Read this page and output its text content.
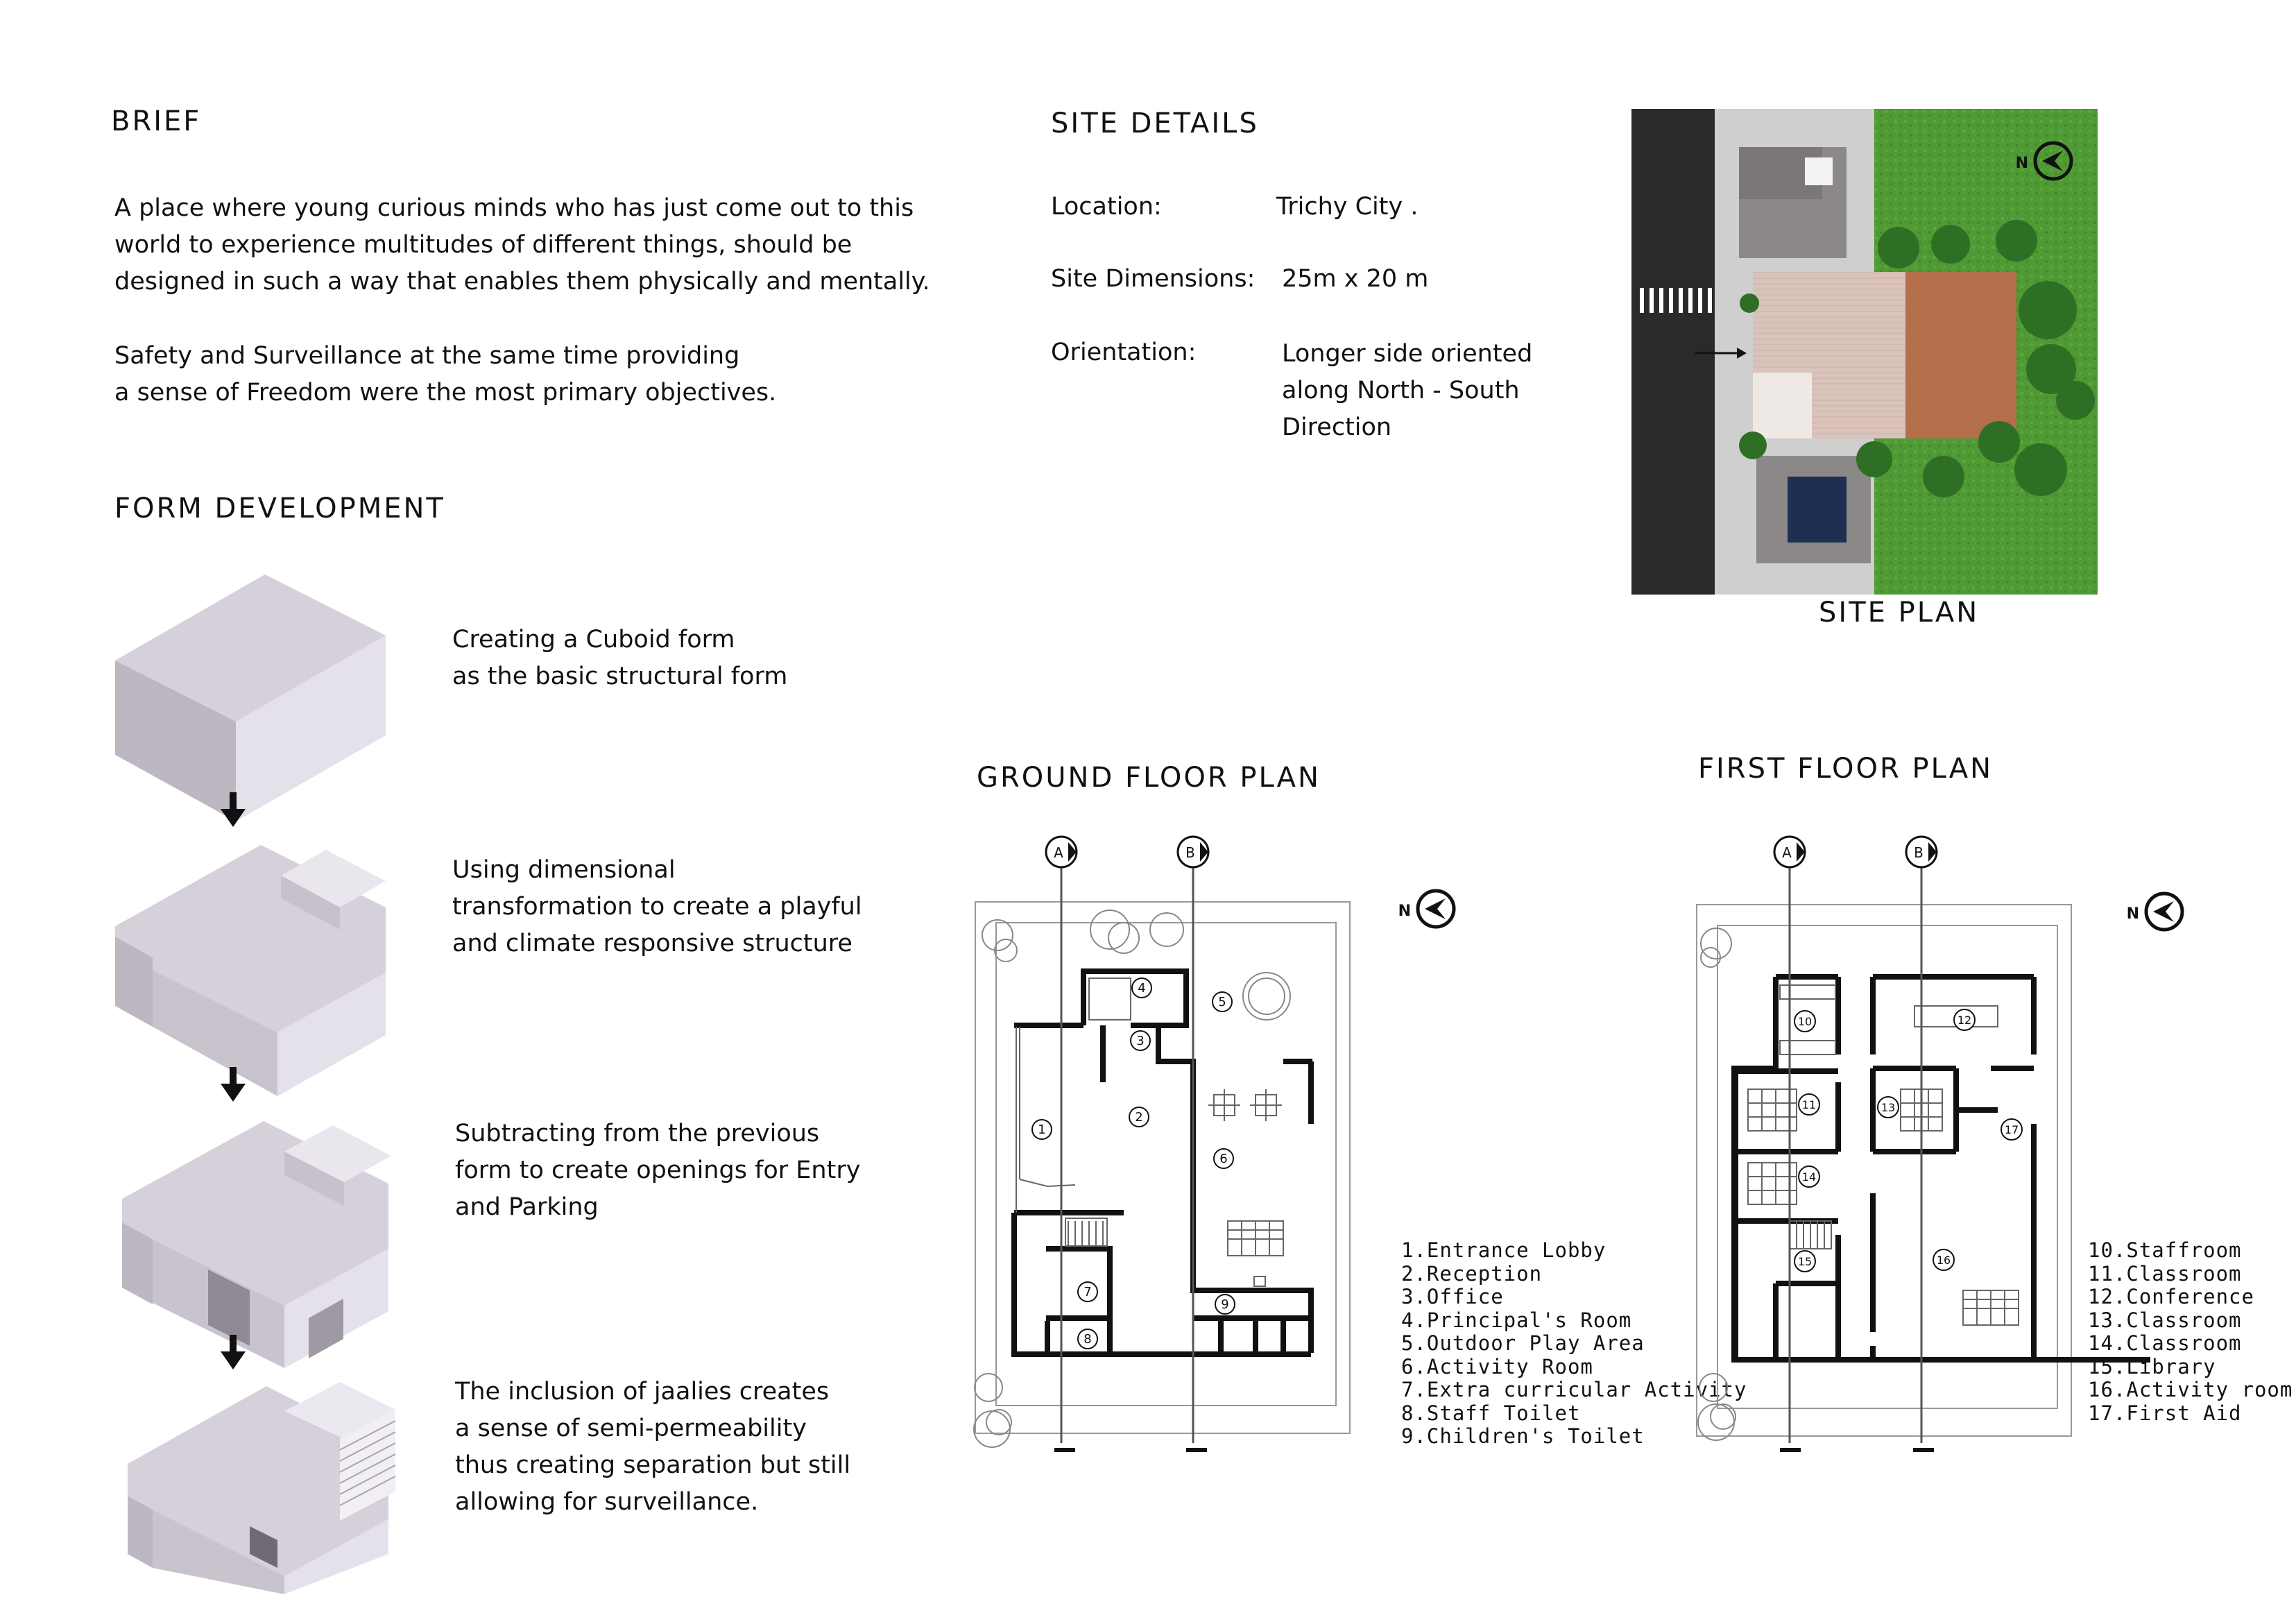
BRIEF
A place where young curious minds who has just come out to this
world to experience multitudes of different things, should be
designed in such a way that enables them physically and mentally.
Safety and Surveillance at the same time providing
a sense of Freedom were the most primary objectives.
SITE DETAILS
Location:	Trichy City .
Site Dimensions: 25m x 20 m
Orientation:	Longer side oriented
along North - South
Direction
N
SITE PLAN
FORM DEVELOPMENT
Creating a Cuboid form
as the basic structural form
Using dimensional
transformation to create a playful
and climate responsive structure
Subtracting from the previous
form to create openings for Entry
and Parking
The inclusion of jaalies creates
a sense of semi-permeability
thus creating separation but still
allowing for surveillance.
GROUND FLOOR PLAN
A	B
N
1
2
3
4
5
6
7
8
9
1.Entrance Lobby
2.Reception
3.Office
4.Principal's Room
5.Outdoor Play Area
6.Activity Room
7.Extra curricular Activity
8.Staff Toilet
9.Children's Toilet
FIRST FLOOR PLAN
A	B
N
10
11
12
13
14
15	16
17
10.Staffroom
11.Classroom
12.Conference
13.Classroom
14.Classroom
15.Library
16.Activity room
17.First Aid
